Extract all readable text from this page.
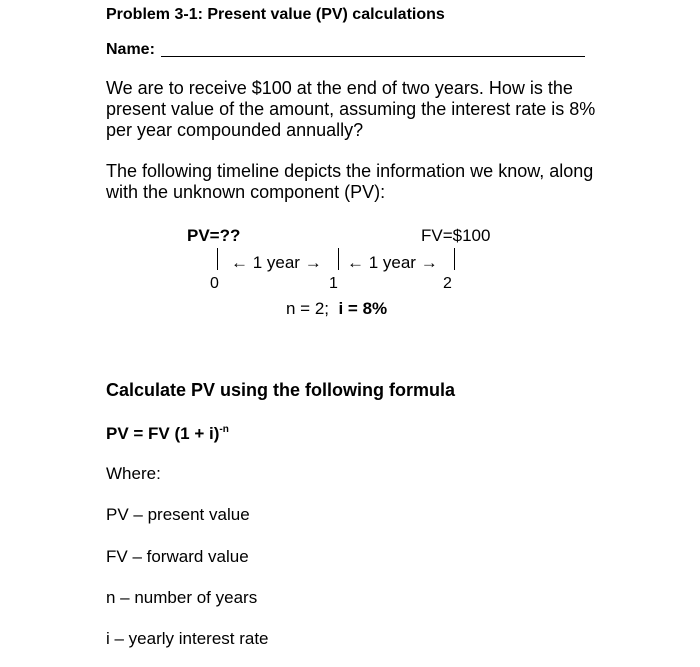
Problem 3-1: Present value (PV) calculations
Name:
We are to receive $100 at the end of two years. How is the present value of the amount, assuming the interest rate is 8% per year compounded annually?
The following timeline depicts the information we know, along with the unknown component (PV):
PV=??	FV=$100
← 1 year → ← 1 year →
0	1	2
n = 2; i = 8%
Calculate PV using the following formula
PV = FV $(1 + i)^{-n}$
Where:
PV – present value
FV – forward value
n – number of years
i – yearly interest rate
